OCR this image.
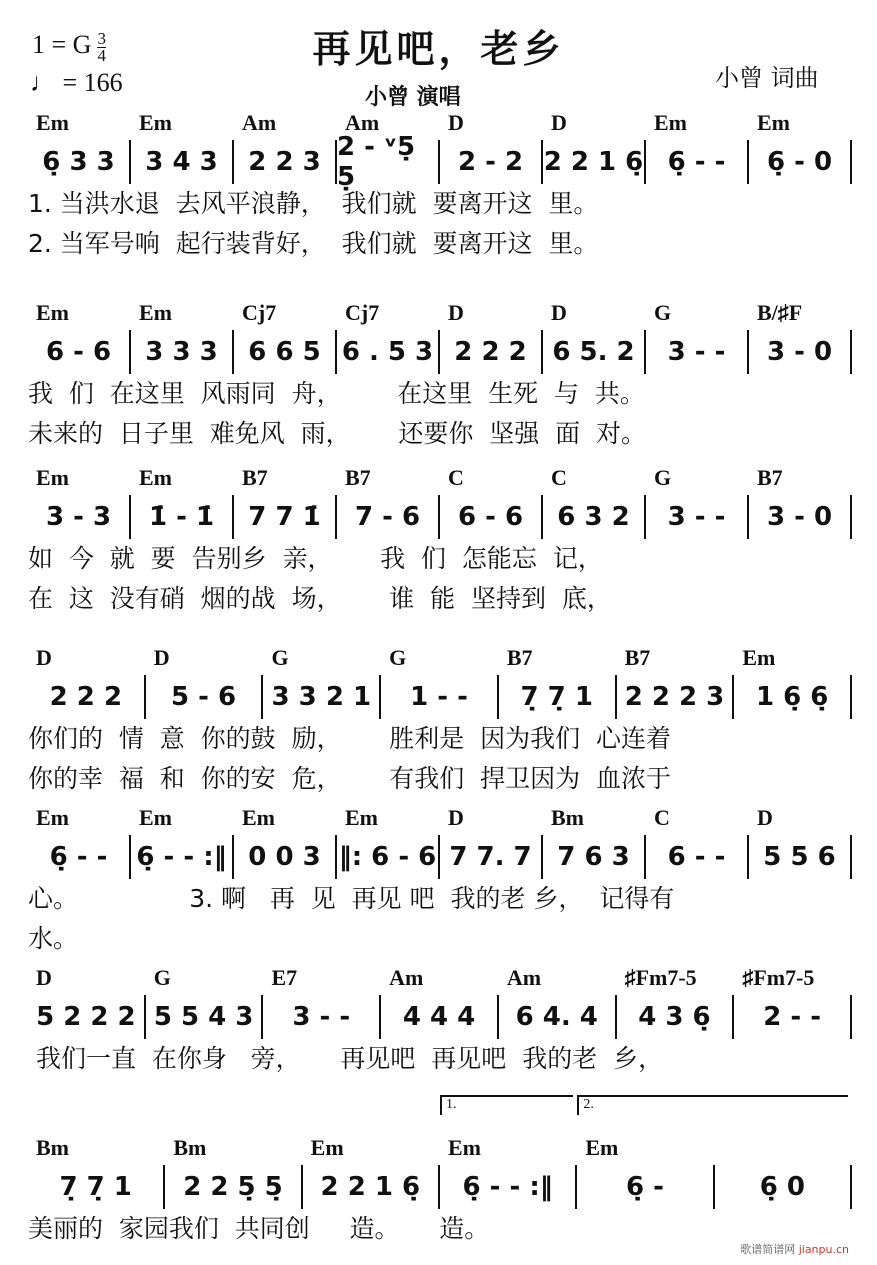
1 = G $\frac{3}{4}$
♩ = 166
再见吧，老乡
小曾 演唱
小曾 词曲
Em	Em	Am	Am	D	D	Em	Em
6̣ 3 3	3 4 3	2 2 3 2 - ᵛ5̣ 5̣	2 - 2 2 2 1 6̣ 6̣ - -	6̣ - 0
1. 当洪水退  去风平浪静，  我们就  要离开这  里。
2. 当军号响  起行装背好，  我们就  要离开这  里。
Em	Em	Cj7	Cj7	D	D	G	B/♯F
6 - 6	3 3 3	6 6 5 6 . 5 3 2 2 2 6 5. 2	3 - -	3 - 0
我  们  在这里  风雨同  舟，       在这里  生死  与  共。
未来的  日子里  难免风  雨，      还要你  坚强  面  对。
Em	Em	B7	B7	C	C	G	B7
3 - 3	1̇ - 1̇	7 7 1̇	7 - 6	6 - 6	6 3 2	3 - -	3 - 0
如  今  就  要  告别乡  亲，      我  们  怎能忘  记，
在  这  没有硝  烟的战  场，      谁  能  坚持到  底，
D	D	G	G	B7	B7	Em
2 2 2	5 - 6	3 3 2 1	1 - -	7̣ 7̣ 1	2 2 2 3	1 6̣ 6̣
你们的  情  意  你的鼓  励，      胜利是  因为我们  心连着
你的幸  福  和  你的安  危，      有我们  捍卫因为  血浓于
Em	Em	Em	Em	D	Bm	C	D
6̣ - -	6̣ - - :‖ 0 0 3 ‖: 6 - 6 7 7. 7 7 6 3	6 - -	5 5 6
心。              3. 啊   再  见  再见 吧  我的老 乡，  记得有
水。
D	G	E7	Am	Am	♯Fm7-5	♯Fm7-5
5 2 2 2 5 5 4 3	3 - -	4 4 4	6 4. 4	4 3 6̣	2 - -
我们一直  在你身   旁，     再见吧  再见吧  我的老  乡，
Bm	Bm	Em	Em	Em
7̣ 7̣ 1	2 2 5̣ 5̣	2 2 1 6̣	6̣ - - :‖	6̣ -	6̣ 0
1.	2.
美丽的  家园我们  共同创     造。     造。
歌谱简谱网 jianpu.cn
